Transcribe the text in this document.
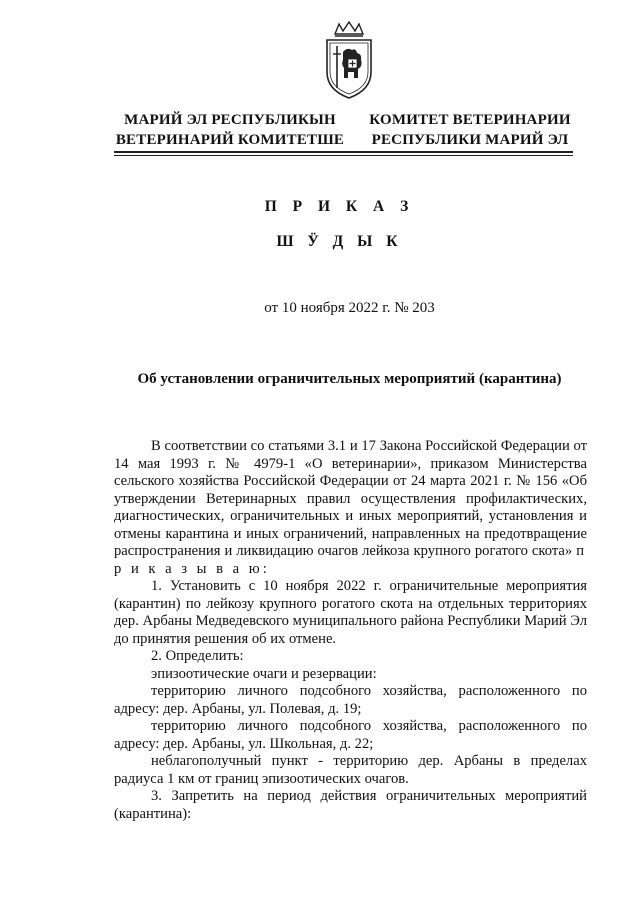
МАРИЙ ЭЛ РЕСПУБЛИКЫН
ВЕТЕРИНАРИЙ КОМИТЕТШЕ
КОМИТЕТ ВЕТЕРИНАРИИ
РЕСПУБЛИКИ МАРИЙ ЭЛ
П Р И К А З
Ш Ӱ Д Ы К
от 10 ноября 2022 г. № 203
Об установлении ограничительных мероприятий (карантина)

В соответствии со статьями 3.1 и 17 Закона Российской Федерации от 14 мая 1993 г. № 4979-1 «О ветеринарии», приказом Министерства сельского хозяйства Российской Федерации от 24 марта 2021 г. № 156 «Об утверждении Ветеринарных правил осуществления профилактических, диагностических, ограничительных и иных мероприятий, установления и отмены карантина и иных ограничений, направленных на предотвращение распространения и ликвидацию очагов лейкоза крупного рогатого скота» п р и к а з ы в а ю:

1. Установить с 10 ноября 2022 г. ограничительные мероприятия (карантин) по лейкозу крупного рогатого скота на отдельных территориях дер. Арбаны Медведевского муниципального района Республики Марий Эл до принятия решения об их отмене.

2. Определить:

эпизоотические очаги и резервации:

территорию личного подсобного хозяйства, расположенного по адресу: дер. Арбаны, ул. Полевая, д. 19;

территорию личного подсобного хозяйства, расположенного по адресу: дер. Арбаны, ул. Школьная, д. 22;

неблагополучный пункт - территорию дер. Арбаны в пределах радиуса 1 км от границ эпизоотических очагов.

3. Запретить на период действия ограничительных мероприятий (карантина):
